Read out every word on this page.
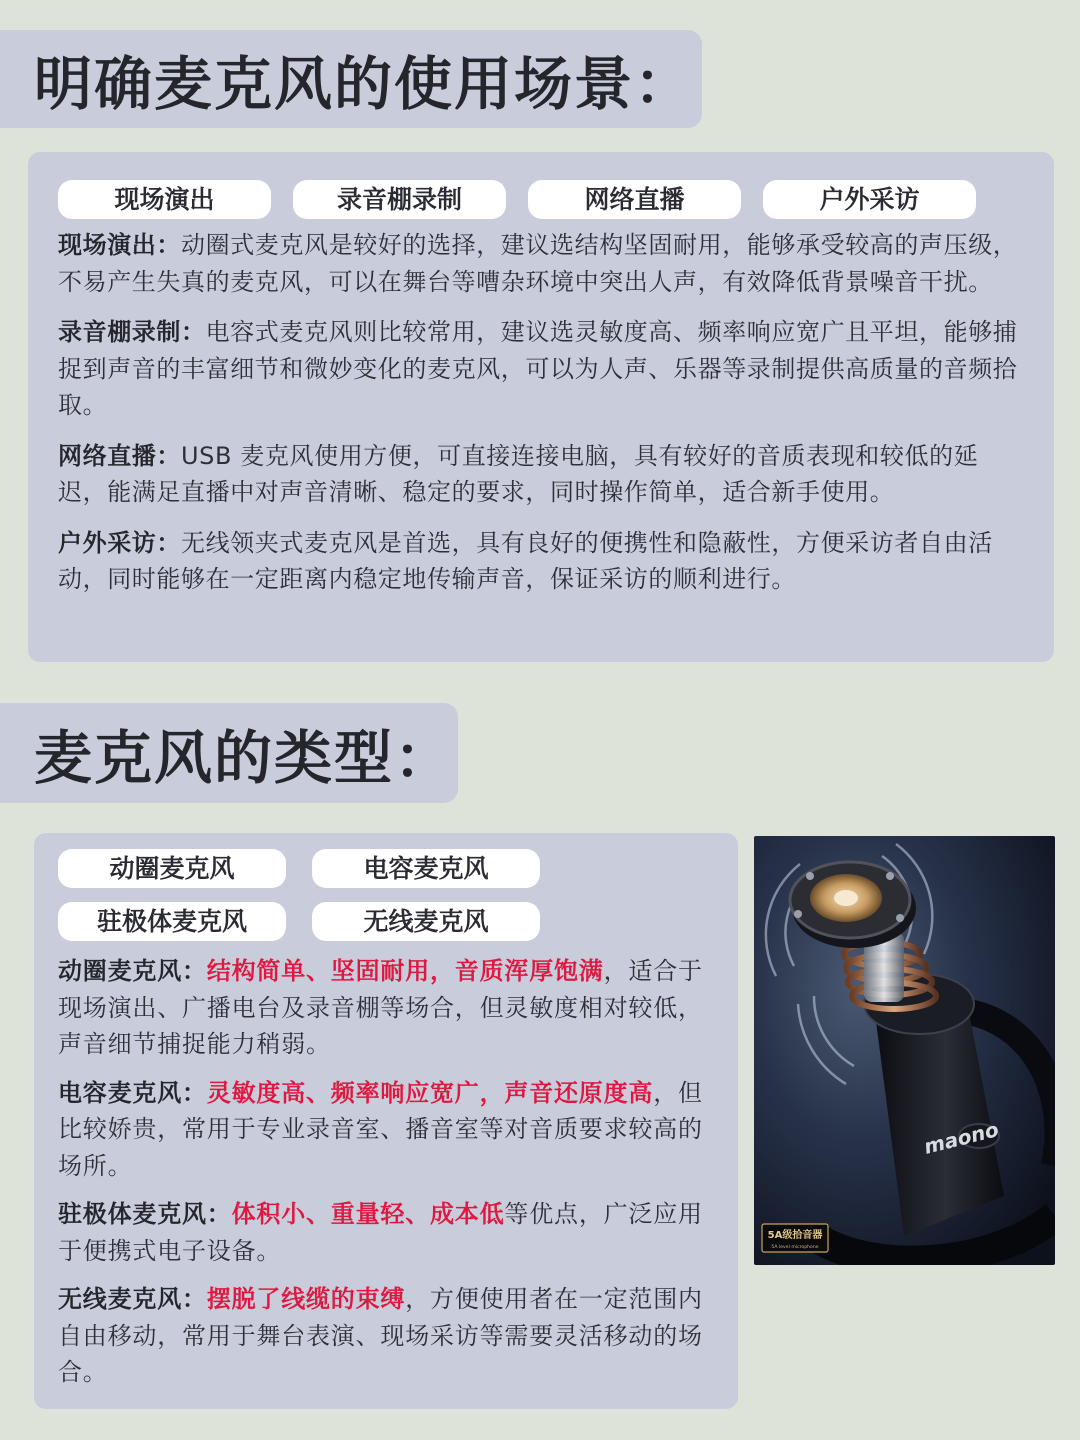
明确麦克风的使用场景：
现场演出	录音棚录制	网络直播	户外采访

现场演出：动圈式麦克风是较好的选择，建议选结构坚固耐用，能够承受较高的声压级，不易产生失真的麦克风，可以在舞台等嘈杂环境中突出人声，有效降低背景噪音干扰。

录音棚录制：电容式麦克风则比较常用，建议选灵敏度高、频率响应宽广且平坦，能够捕捉到声音的丰富细节和微妙变化的麦克风，可以为人声、乐器等录制提供高质量的音频拾取。

网络直播：USB 麦克风使用方便，可直接连接电脑，具有较好的音质表现和较低的延迟，能满足直播中对声音清晰、稳定的要求，同时操作简单，适合新手使用。

户外采访：无线领夹式麦克风是首选，具有良好的便携性和隐蔽性，方便采访者自由活动，同时能够在一定距离内稳定地传输声音，保证采访的顺利进行。

麦克风的类型：
动圈麦克风	电容麦克风
驻极体麦克风	无线麦克风

动圈麦克风：结构简单、坚固耐用，音质浑厚饱满，适合于现场演出、广播电台及录音棚等场合，但灵敏度相对较低，声音细节捕捉能力稍弱。

电容麦克风：灵敏度高、频率响应宽广，声音还原度高，但比较娇贵，常用于专业录音室、播音室等对音质要求较高的场所。

驻极体麦克风：体积小、重量轻、成本低等优点，广泛应用于便携式电子设备。

无线麦克风：摆脱了线缆的束缚，方便使用者在一定范围内自由移动，常用于舞台表演、现场采访等需要灵活移动的场合。

maono
5A级拾音器
5A level microphone
